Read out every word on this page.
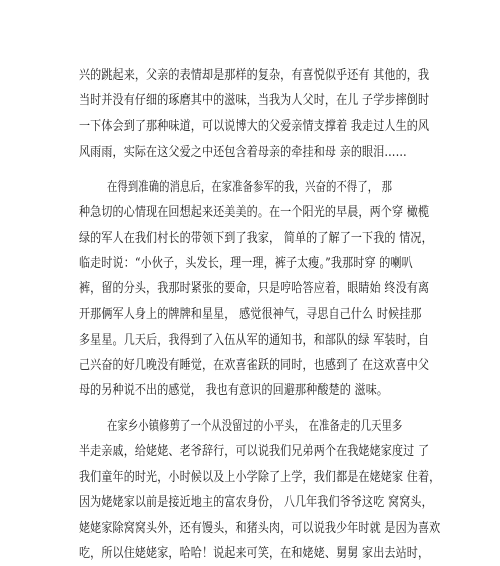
兴的跳起来，父亲的表情却是那样的复杂，有喜悦似乎还有 其他的，我
当时并没有仔细的琢磨其中的滋味，当我为人父时，在儿 子学步摔倒时
一下体会到了那种味道，可以说博大的父爱亲情支撑着 我走过人生的风
风雨雨，实际在这父爱之中还包含着母亲的牵挂和母 亲的眼泪……
在得到准确的消息后，在家准备参军的我，兴奋的不得了， 那
种急切的心情现在回想起来还美美的。在一个阳光的早晨，两个穿 橄榄
绿的军人在我们村长的带领下到了我家， 简单的了解了一下我的 情况，
临走时说：“小伙子，头发长，理一理，裤子太瘦。”我那时穿 的喇叭
裤，留的分头，我那时紧张的要命，只是哼哈答应着，眼睛始 终没有离
开那俩军人身上的牌牌和星星， 感觉很神气，寻思自己什么 时候挂那
多星星。几天后，我得到了入伍从军的通知书，和部队的绿 军装时，自
己兴奋的好几晚没有睡觉，在欢喜雀跃的同时，也感到了 在这欢喜中父
母的另种说不出的感觉， 我也有意识的回避那种酸楚的 滋味。
在家乡小镇修剪了一个从没留过的小平头， 在准备走的几天里多
半走亲戚，给姥姥、老爷辞行，可以说我们兄弟两个在我姥姥家度过 了
我们童年的时光，小时候以及上小学除了上学，我们都是在姥姥家 住着，
因为姥姥家以前是接近地主的富农身份， 八几年我们爷爷这吃 窝窝头，
姥姥家除窝窝头外，还有馒头，和猪头肉，可以说我少年时就 是因为喜欢
吃，所以住姥姥家，哈哈！说起来可笑，在和姥姥、舅舅 家出去站时，
